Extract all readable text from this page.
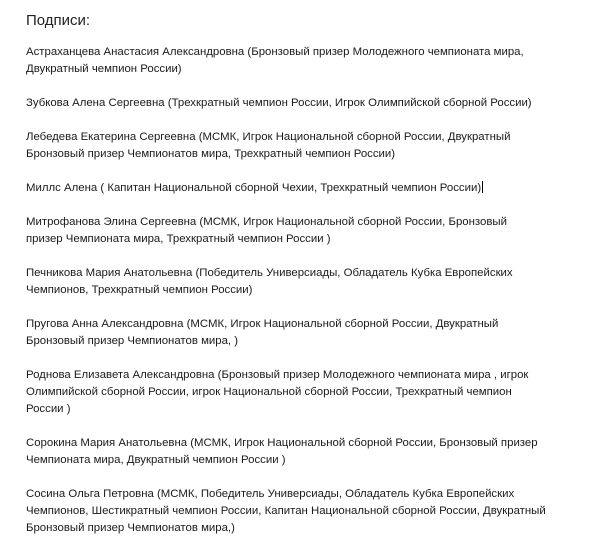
Подписи:
Астраханцева Анастасия Александровна (Бронзовый призер Молодежного чемпионата мира, Двукратный чемпион России)
Зубкова Алена Сергеевна (Трехкратный чемпион России, Игрок Олимпийской сборной России)
Лебедева Екатерина Сергеевна (МСМК, Игрок Национальной сборной России, Двукратный Бронзовый призер Чемпионатов мира, Трехкратный чемпион России)
Миллс Алена ( Капитан Национальной сборной Чехии, Трехкратный чемпион России)
Митрофанова Элина Сергеевна (МСМК, Игрок Национальной сборной России, Бронзовый призер Чемпионата мира, Трехкратный чемпион России )
Печникова Мария Анатольевна (Победитель Универсиады, Обладатель Кубка Европейских Чемпионов, Трехкратный чемпион России)
Пругова Анна Александровна (МСМК, Игрок Национальной сборной России, Двукратный Бронзовый призер Чемпионатов мира, )
Роднова Елизавета Александровна (Бронзовый призер Молодежного чемпионата мира , игрок Олимпийской сборной России, игрок Национальной сборной России, Трехкратный чемпион России )
Сорокина Мария Анатольевна (МСМК, Игрок Национальной сборной России, Бронзовый призер Чемпионата мира, Двукратный чемпион России )
Сосина Ольга Петровна (МСМК, Победитель Универсиады, Обладатель Кубка Европейских Чемпионов, Шестикратный чемпион России, Капитан Национальной сборной России, Двукратный Бронзовый призер Чемпионатов мира,)
